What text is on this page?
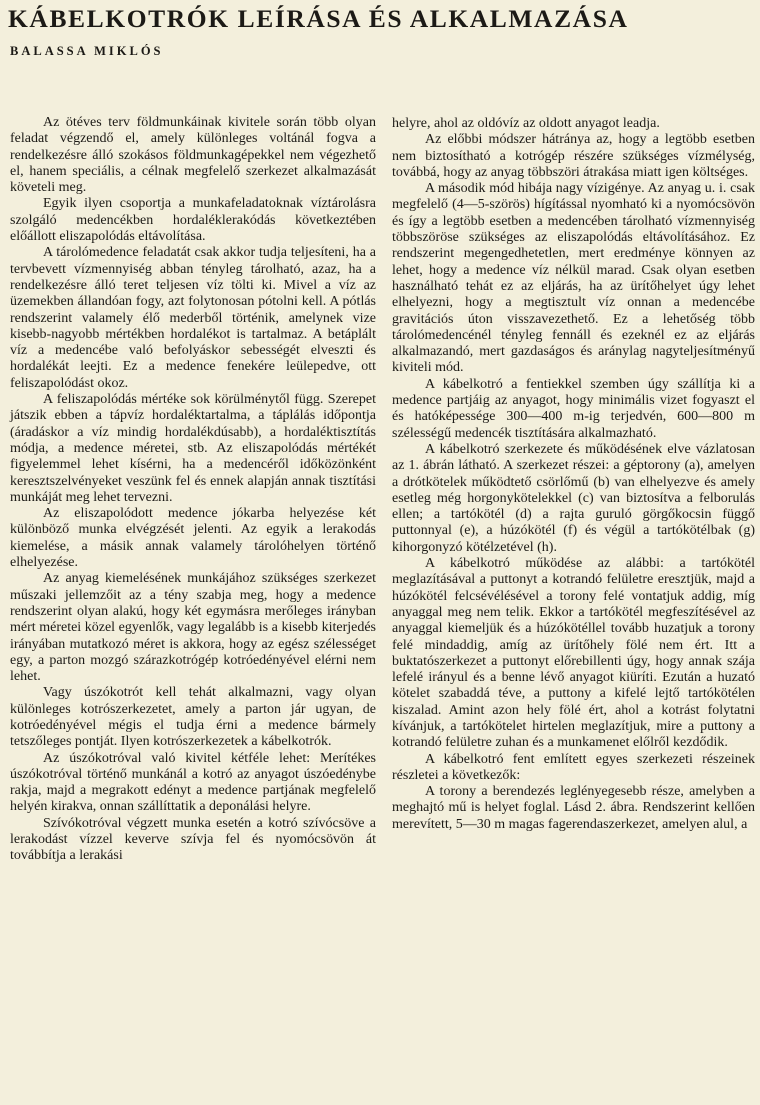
KÁBELKOTRÓK LEÍRÁSA ÉS ALKALMAZÁSA
BALASSA MIKLÓS

Az ötéves terv földmunkáinak kivitele során több olyan feladat végzendő el, amely különleges voltánál fogva a rendelkezésre álló szokásos földmunkagépekkel nem végezhető el, hanem speciális, a célnak megfelelő szerkezet alkalmazását követeli meg.

Egyik ilyen csoportja a munkafeladatoknak víztárolásra szolgáló medencékben hordaléklerakódás következtében előállott eliszapolódás eltávolítása.

A tárolómedence feladatát csak akkor tudja teljesíteni, ha a tervbevett vízmennyiség abban tényleg tárolható, azaz, ha a rendelkezésre álló teret teljesen víz tölti ki. Mivel a víz az üzemekben állandóan fogy, azt folytonosan pótolni kell. A pótlás rendszerint valamely élő mederből történik, amelynek vize kisebb-nagyobb mértékben hordalékot is tartalmaz. A betáplált víz a medencébe való befolyáskor sebességét elveszti és hordalékát leejti. Ez a medence fenekére leülepedve, ott feliszapolódást okoz.

A feliszapolódás mértéke sok körülménytől függ. Szerepet játszik ebben a tápvíz hordaléktartalma, a táplálás időpontja (áradáskor a víz mindig hordalékdúsabb), a hordaléktisztítás módja, a medence méretei, stb. Az eliszapolódás mértékét figyelemmel lehet kísérni, ha a medencéről időközönként keresztszelvényeket veszünk fel és ennek alapján annak tisztítási munkáját meg lehet tervezni.

Az eliszapolódott medence jókarba helyezése két különböző munka elvégzését jelenti. Az egyik a lerakodás kiemelése, a másik annak valamely tárolóhelyen történő elhelyezése.

Az anyag kiemelésének munkájához szükséges szerkezet műszaki jellemzőit az a tény szabja meg, hogy a medence rendszerint olyan alakú, hogy két egymásra merőleges irányban mért méretei közel egyenlők, vagy legalább is a kisebb kiterjedés irányában mutatkozó méret is akkora, hogy az egész szélességet egy, a parton mozgó szárazkotrógép kotróedényével elérni nem lehet.

Vagy úszókotrót kell tehát alkalmazni, vagy olyan különleges kotrószerkezetet, amely a parton jár ugyan, de kotróedényével mégis el tudja érni a medence bármely tetszőleges pontját. Ilyen kotrószerkezetek a kábelkotrók.

Az úszókotróval való kivitel kétféle lehet: Merítékes úszókotróval történő munkánál a kotró az anyagot úszóedénybe rakja, majd a megrakott edényt a medence partjának megfelelő helyén kirakva, onnan szállíttatik a deponálási helyre.

Szívókotróval végzett munka esetén a kotró szívócsöve a lerakodást vízzel keverve szívja fel és nyomócsövön át továbbítja a lerakási

helyre, ahol az oldóvíz az oldott anyagot leadja.

Az előbbi módszer hátránya az, hogy a legtöbb esetben nem biztosítható a kotrógép részére szükséges vízmélység, továbbá, hogy az anyag többszöri átrakása miatt igen költséges.

A második mód hibája nagy vízigénye. Az anyag u. i. csak megfelelő (4—5-szörös) hígítással nyomható ki a nyomócsövön és így a legtöbb esetben a medencében tárolható vízmennyiség többszöröse szükséges az eliszapolódás eltávolításához. Ez rendszerint megengedhetetlen, mert eredménye könnyen az lehet, hogy a medence víz nélkül marad. Csak olyan esetben használható tehát ez az eljárás, ha az ürítőhelyet úgy lehet elhelyezni, hogy a megtisztult víz onnan a medencébe gravitációs úton visszavezethető. Ez a lehetőség több tárolómedencénél tényleg fennáll és ezeknél ez az eljárás alkalmazandó, mert gazdaságos és aránylag nagyteljesítményű kiviteli mód.

A kábelkotró a fentiekkel szemben úgy szállítja ki a medence partjáig az anyagot, hogy minimális vizet fogyaszt el és hatóképessége 300—400 m-ig terjedvén, 600—800 m szélességű medencék tisztítására alkalmazható.

A kábelkotró szerkezete és működésének elve vázlatosan az 1. ábrán látható. A szerkezet részei: a géptorony (a), amelyen a drótkötelek működtető csörlőmű (b) van elhelyezve és amely esetleg még horgonykötelekkel (c) van biztosítva a felborulás ellen; a tartókötél (d) a rajta guruló görgőkocsin függő puttonnyal (e), a húzókötél (f) és végül a tartókötélbak (g) kihorgonyzó kötélzetével (h).

A kábelkotró működése az alábbi: a tartókötél meglazításával a puttonyt a kotrandó felületre eresztjük, majd a húzókötél felcsévélésével a torony felé vontatjuk addig, míg anyaggal meg nem telik. Ekkor a tartókötél megfeszítésével az anyaggal kiemeljük és a húzókötéllel tovább huzatjuk a torony felé mindaddig, amíg az ürítőhely fölé nem ért. Itt a buktatószerkezet a puttonyt előrebillenti úgy, hogy annak szája lefelé irányul és a benne lévő anyagot kiüríti. Ezután a huzató kötelet szabaddá téve, a puttony a kifelé lejtő tartókötélen kiszalad. Amint azon hely fölé ért, ahol a kotrást folytatni kívánjuk, a tartókötelet hirtelen meglazítjuk, mire a puttony a kotrandó felületre zuhan és a munkamenet előlről kezdődik.

A kábelkotró fent említett egyes szerkezeti részeinek részletei a következők:

A torony a berendezés leglényegesebb része, amelyben a meghajtó mű is helyet foglal. Lásd 2. ábra. Rendszerint kellően merevített, 5—30 m magas fagerendaszerkezet, amelyen alul, a
